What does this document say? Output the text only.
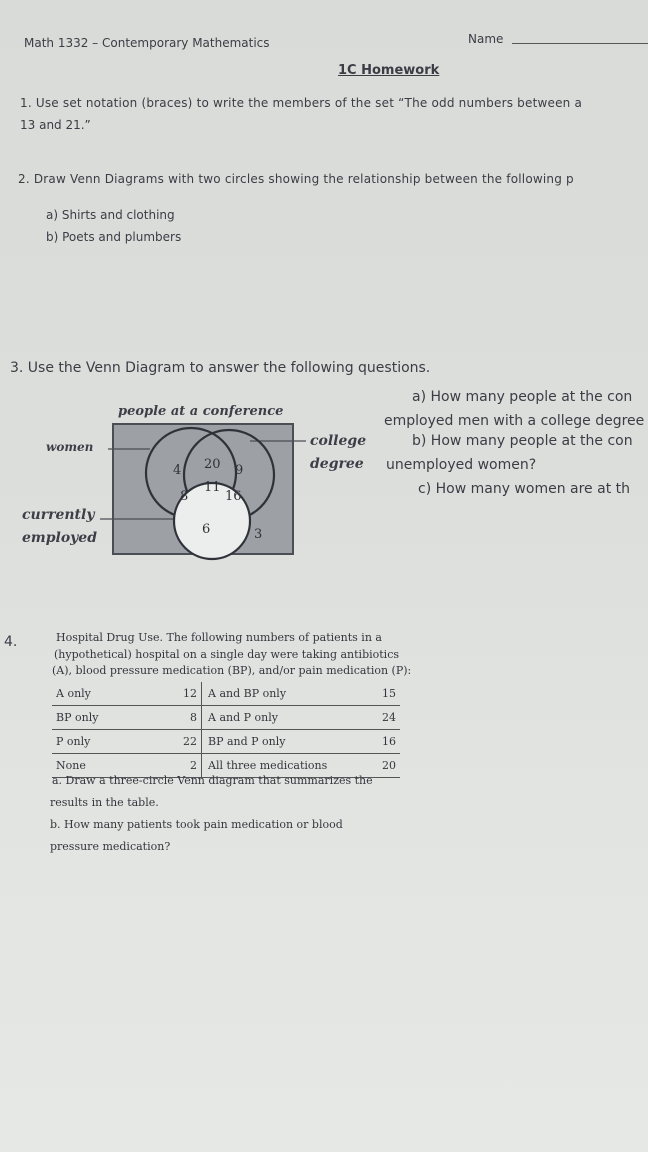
Math 1332 – Contemporary Mathematics	Name
1C Homework
1. Use set notation (braces) to write the members of the set “The odd numbers between a
13 and 21.”
2. Draw Venn Diagrams with two circles showing the relationship between the following p
a) Shirts and clothing
b) Poets and plumbers
3. Use the Venn Diagram to answer the following questions.
people at a conference
women	college
degree
currently
employed
4 20 9
8
11
16
6	3
a) How many people at the con
employed men with a college degree
b) How many people at the con
unemployed women?
c) How many women are at th
4.	Hospital Drug Use. The following numbers of patients in a
(hypothetical) hospital on a single day were taking antibiotics
(A), blood pressure medication (BP), and/or pain medication (P):
A only	12	A and BP only	15
BP only	8	A and P only	24
P only	22	BP and P only	16
None	2	All three medications	20
a. Draw a three-circle Venn diagram that summarizes the
results in the table.
b. How many patients took pain medication or blood
pressure medication?
